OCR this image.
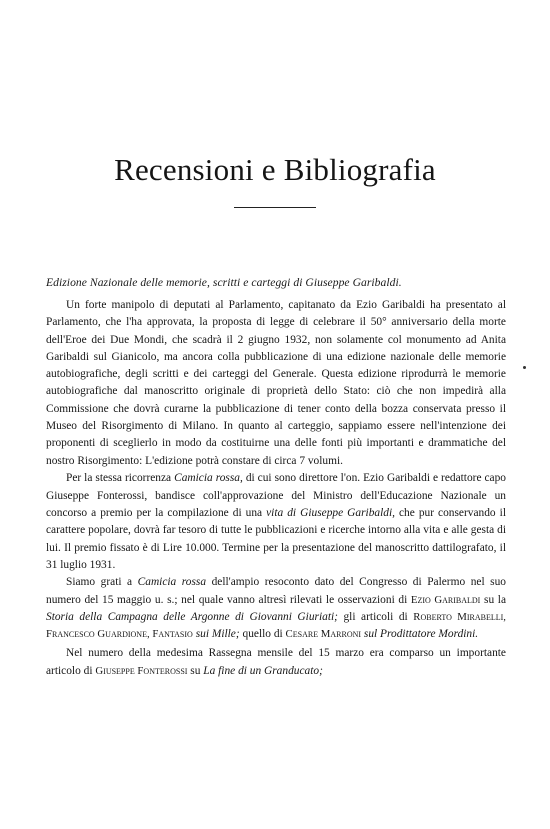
Recensioni e Bibliografia
Edizione Nazionale delle memorie, scritti e carteggi di Giuseppe Garibaldi.

Un forte manipolo di deputati al Parlamento, capitanato da Ezio Garibaldi ha presentato al Parlamento, che l'ha approvata, la proposta di legge di celebrare il 50° anniversario della morte dell'Eroe dei Due Mondi, che scadrà il 2 giugno 1932, non solamente col monumento ad Anita Garibaldi sul Gianicolo, ma ancora colla pubblicazione di una edizione nazionale delle memorie autobiografiche, degli scritti e dei carteggi del Generale. Questa edizione riprodurrà le memorie autobiografiche dal manoscritto originale di proprietà dello Stato: ciò che non impedirà alla Commissione che dovrà curarne la pubblicazione di tener conto della bozza conservata presso il Museo del Risorgimento di Milano. In quanto al carteggio, sappiamo essere nell'intenzione dei proponenti di sceglierlo in modo da costituirne una delle fonti più importanti e drammatiche del nostro Risorgimento: L'edizione potrà constare di circa 7 volumi.

Per la stessa ricorrenza Camicia rossa, di cui sono direttore l'on. Ezio Garibaldi e redattore capo Giuseppe Fonterossi, bandisce coll'approvazione del Ministro dell'Educazione Nazionale un concorso a premio per la compilazione di una vita di Giuseppe Garibaldi, che pur conservando il carattere popolare, dovrà far tesoro di tutte le pubblicazioni e ricerche intorno alla vita e alle gesta di lui. Il premio fissato è di Lire 10.000. Termine per la presentazione del manoscritto dattilografato, il 31 luglio 1931.

Siamo grati a Camicia rossa dell'ampio resoconto dato del Congresso di Palermo nel suo numero del 15 maggio u. s.; nel quale vanno altresì rilevati le osservazioni di Ezio Garibaldi su la Storia della Campagna delle Argonne di Giovanni Giuriati; gli articoli di Roberto Mirabelli, Francesco Guardione, Fantasio sui Mille; quello di Cesare Marroni sul Prodittatore Mordini.

Nel numero della medesima Rassegna mensile del 15 marzo era comparso un importante articolo di Giuseppe Fonterossi su La fine di un Granducato;
